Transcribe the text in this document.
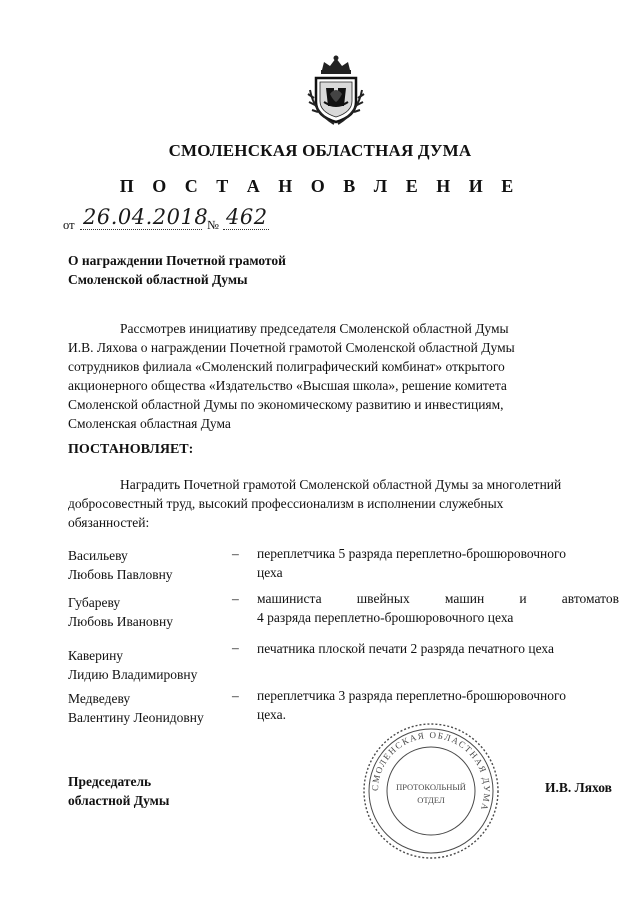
СМОЛЕНСКАЯ ОБЛАСТНАЯ ДУМА
П О С Т А Н О В Л Е Н И Е
от 26.04.2018
№ 462
О награждении Почетной грамотой
Смоленской областной Думы
Рассмотрев инициативу председателя Смоленской областной Думы
И.В. Ляхова о награждении Почетной грамотой Смоленской областной Думы
сотрудников филиала «Смоленский полиграфический комбинат» открытого
акционерного общества «Издательство «Высшая школа», решение комитета
Смоленской областной Думы по экономическому развитию и инвестициям,
Смоленская областная Дума
ПОСТАНОВЛЯЕТ:
Наградить Почетной грамотой Смоленской областной Думы за многолетний
добросовестный труд, высокий профессионализм в исполнении служебных
обязанностей:
Васильеву
Любовь Павловну
– переплетчика 5 разряда переплетно-брошюровочного
цеха
Губареву
Любовь Ивановну
– машиниста швейных машин и автоматов
4 разряда переплетно-брошюровочного цеха
Каверину
Лидию Владимировну
– печатника плоской печати 2 разряда печатного цеха
Медведеву
Валентину Леонидовну
– переплетчика 3 разряда переплетно-брошюровочного
цеха.
Председатель
областной Думы
И.В. Ляхов
СМОЛЕНСКАЯ ОБЛАСТНАЯ ДУМА
ПРОТОКОЛЬНЫЙ
ОТДЕЛ
